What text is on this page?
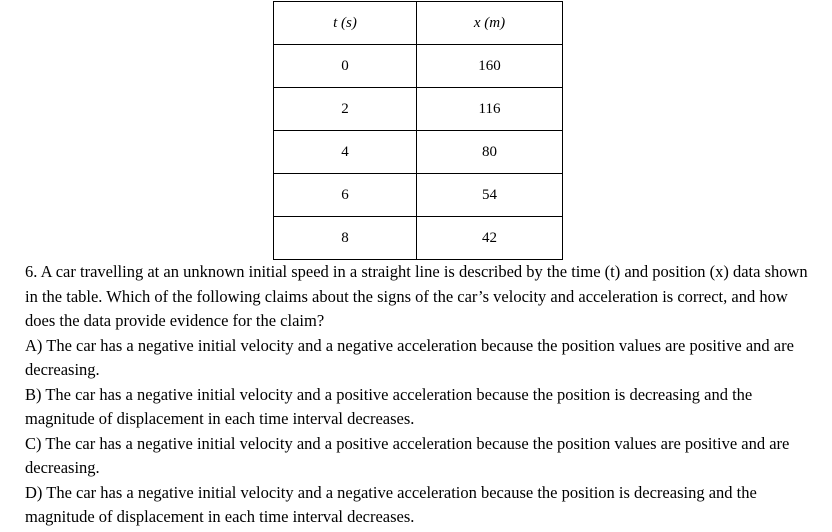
t (s)	x (m)
0	160
2	116
4	80
6	54
8	42

6. A car travelling at an unknown initial speed in a straight line is described by the time (t) and position (x) data shown in the table. Which of the following claims about the signs of the car’s velocity and acceleration is correct, and how does the data provide evidence for the claim?

A) The car has a negative initial velocity and a negative acceleration because the position values are positive and are decreasing.

B) The car has a negative initial velocity and a positive acceleration because the position is decreasing and the magnitude of displacement in each time interval decreases.

C) The car has a negative initial velocity and a positive acceleration because the position values are positive and are decreasing.

D) The car has a negative initial velocity and a negative acceleration because the position is decreasing and the magnitude of displacement in each time interval decreases.
